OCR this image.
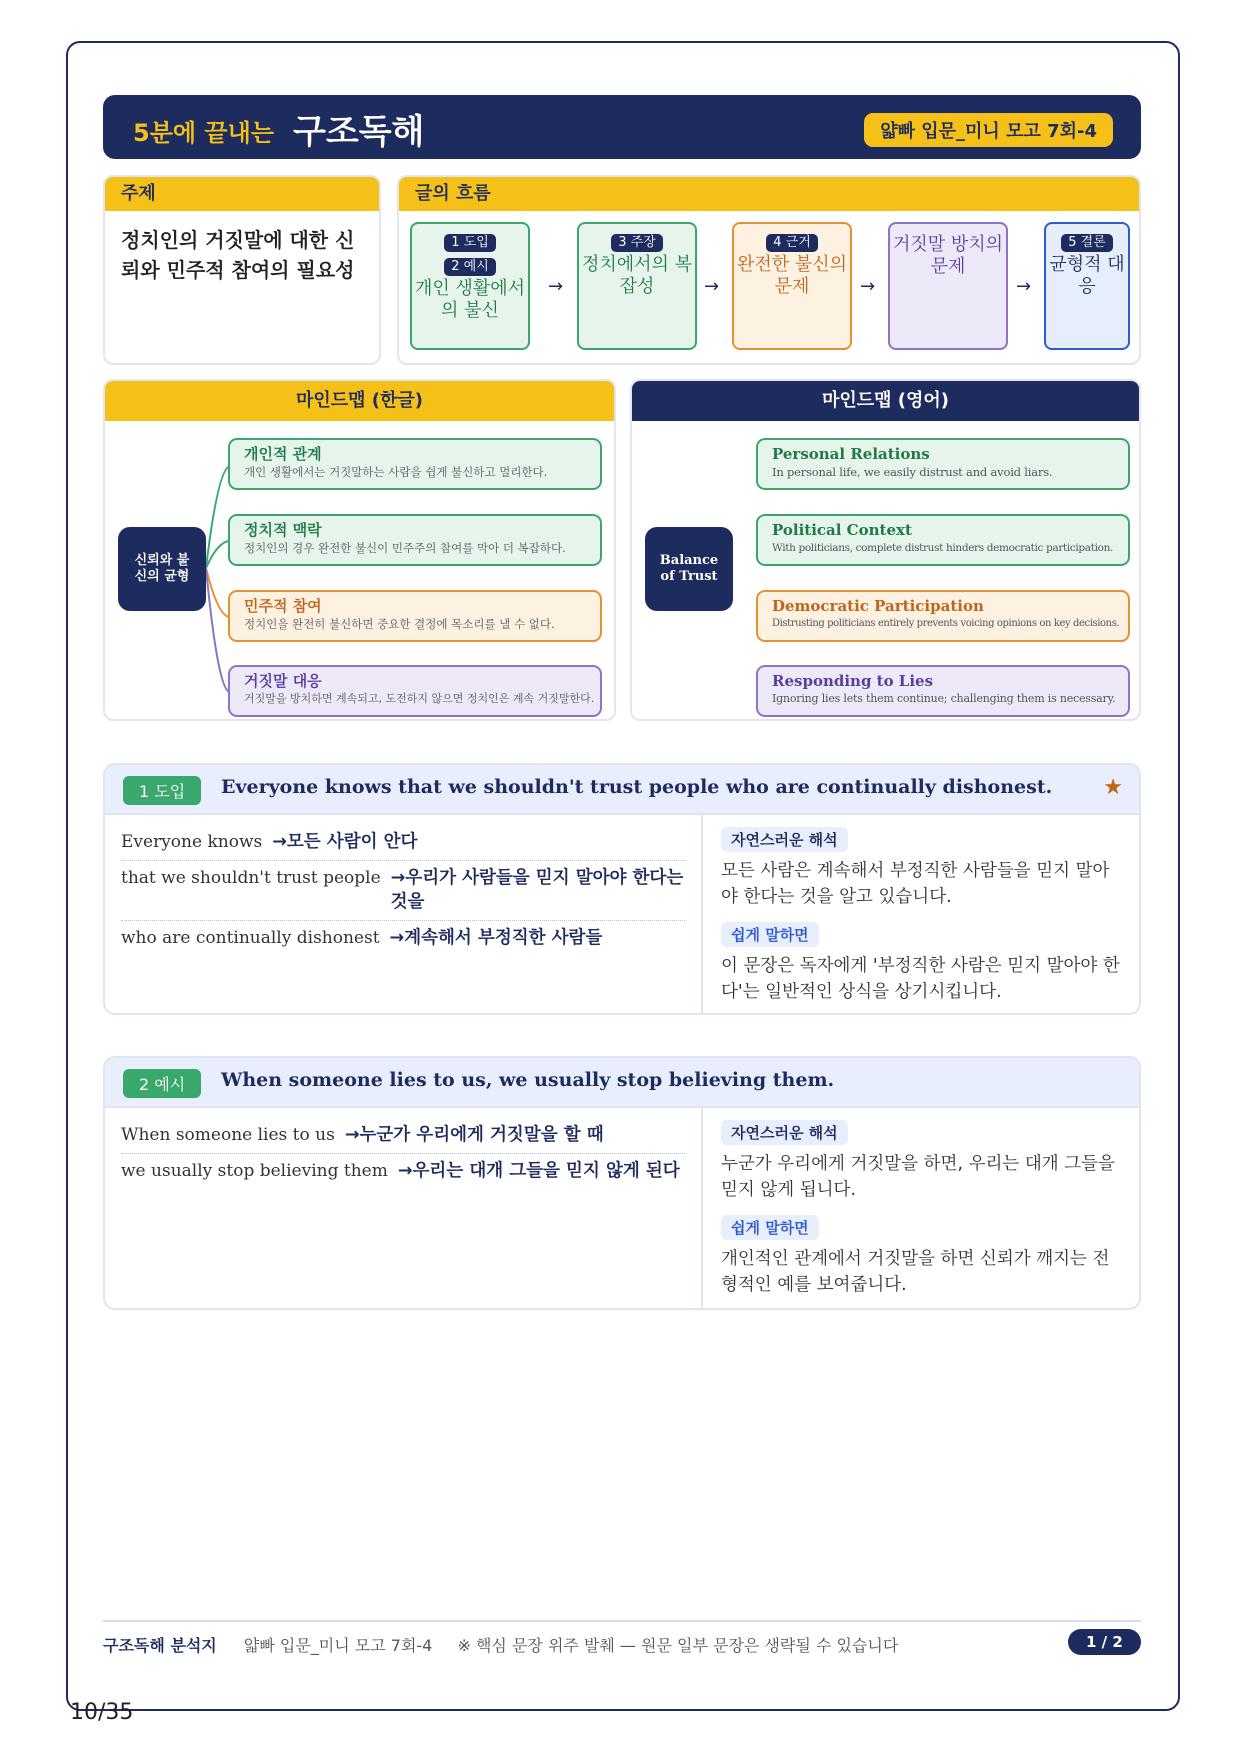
5분에 끝내는 구조독해	얇빠 입문_미니 모고 7회-4
주제
정치인의 거짓말에 대한 신뢰와 민주적 참여의 필요성
글의 흐름
1 도입
2 예시
개인 생활에서의 불신
→
3 주장
정치에서의 복잡성	→
4 근거
완전한 불신의 문제	→
거짓말 방치의 문제
→
5 결론
균형적 대응
마인드맵 (한글)
신뢰와 불신의 균형
개인적 관계
개인 생활에서는 거짓말하는 사람을 쉽게 불신하고 멀리한다.
정치적 맥락
정치인의 경우 완전한 불신이 민주주의 참여를 막아 더 복잡하다.
민주적 참여
정치인을 완전히 불신하면 중요한 결정에 목소리를 낼 수 없다.
거짓말 대응
거짓말을 방치하면 계속되고, 도전하지 않으면 정치인은 계속 거짓말한다.
마인드맵 (영어)
Balance of Trust
Personal Relations
In personal life, we easily distrust and avoid liars.
Political Context
With politicians, complete distrust hinders democratic participation.
Democratic Participation
Distrusting politicians entirely prevents voicing opinions on key decisions.
Responding to Lies
Ignoring lies lets them continue; challenging them is necessary.
1 도입	Everyone knows that we shouldn't trust people who are continually dishonest. ★
Everyone knows →모든 사람이 안다
that we shouldn't trust people →우리가 사람들을 믿지 말아야 한다는 것을
who are continually dishonest →계속해서 부정직한 사람들
자연스러운 해석
모든 사람은 계속해서 부정직한 사람들을 믿지 말아야 한다는 것을 알고 있습니다.
쉽게 말하면
이 문장은 독자에게 '부정직한 사람은 믿지 말아야 한다'는 일반적인 상식을 상기시킵니다.
2 예시	When someone lies to us, we usually stop believing them.
When someone lies to us →누군가 우리에게 거짓말을 할 때
we usually stop believing them →우리는 대개 그들을 믿지 않게 된다
자연스러운 해석
누군가 우리에게 거짓말을 하면, 우리는 대개 그들을 믿지 않게 됩니다.
쉽게 말하면
개인적인 관계에서 거짓말을 하면 신뢰가 깨지는 전형적인 예를 보여줍니다.
구조독해 분석지 얇빠 입문_미니 모고 7회-4 ※ 핵심 문장 위주 발췌 — 원문 일부 문장은 생략될 수 있습니다	1 / 2
10/35
